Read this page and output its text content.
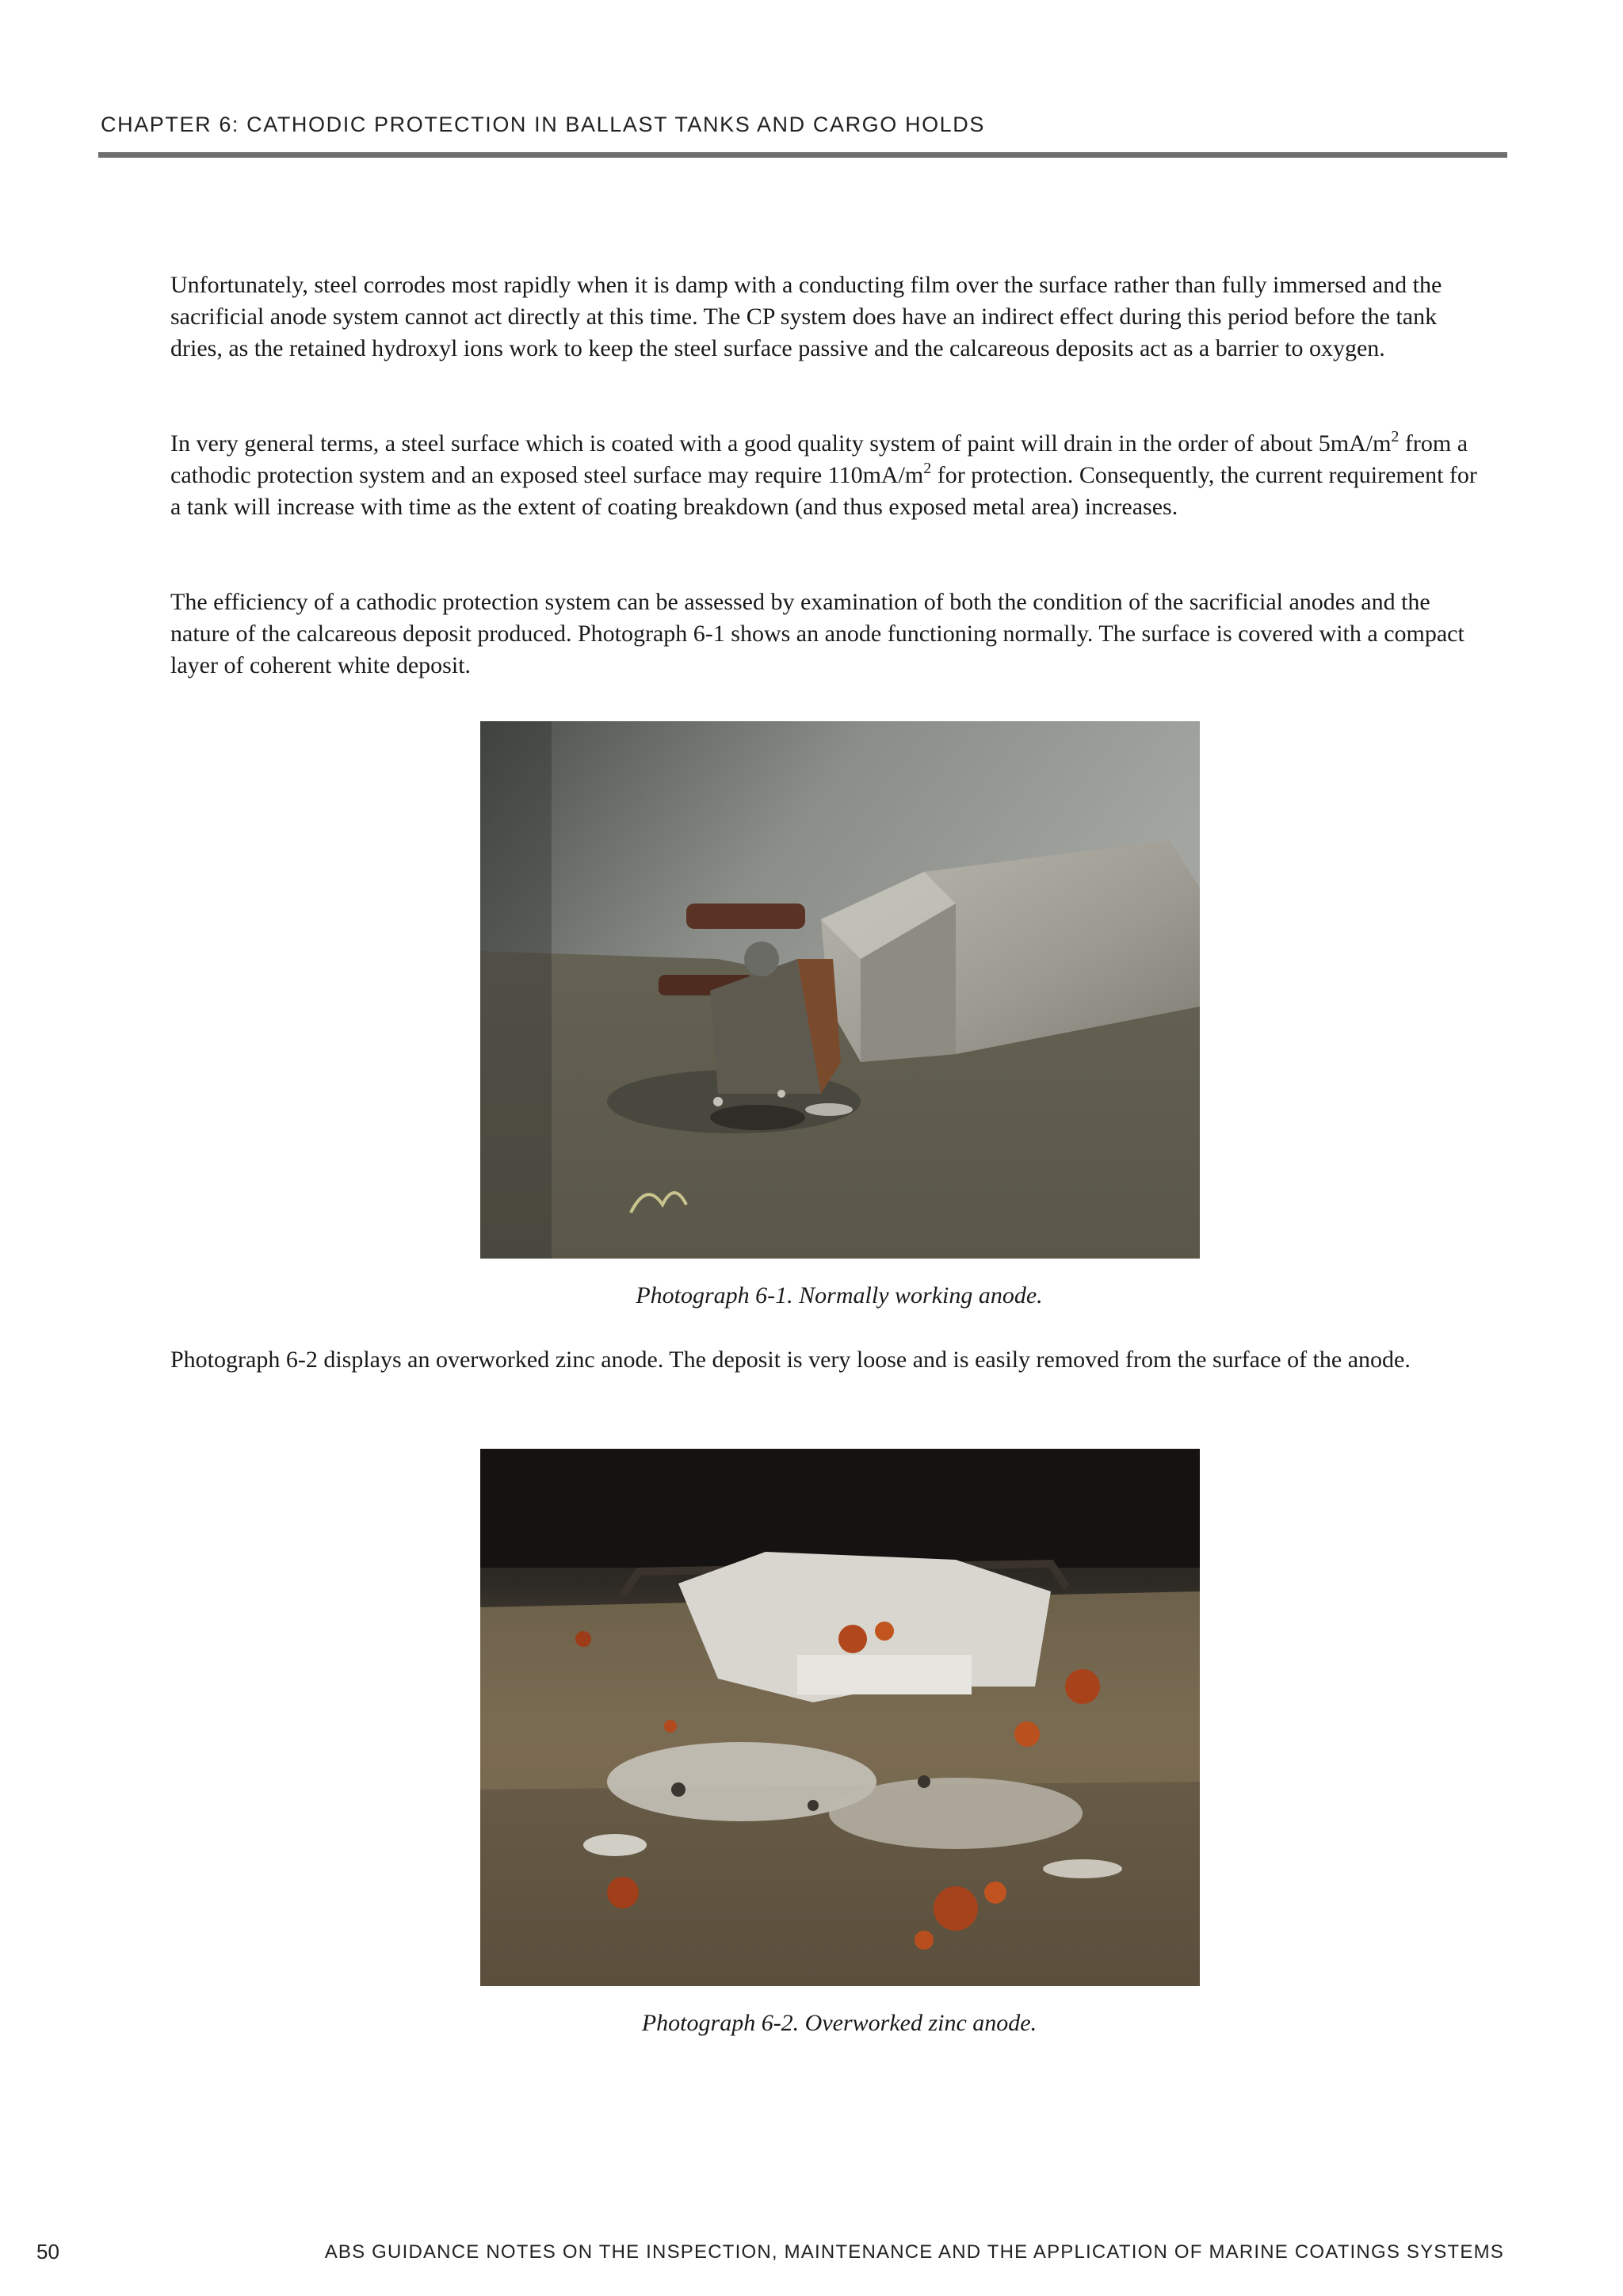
CHAPTER 6: CATHODIC PROTECTION IN BALLAST TANKS AND CARGO HOLDS

Unfortunately, steel corrodes most rapidly when it is damp with a conducting film over the surface rather than fully immersed and the sacrificial anode system cannot act directly at this time. The CP system does have an indirect effect during this period before the tank dries, as the retained hydroxyl ions work to keep the steel surface passive and the calcareous deposits act as a barrier to oxygen.

In very general terms, a steel surface which is coated with a good quality system of paint will drain in the order of about $5mA/m^2$ from a cathodic protection system and an exposed steel surface may require $110mA/m^2$ for protection. Consequently, the current requirement for a tank will increase with time as the extent of coating breakdown (and thus exposed metal area) increases.

The efficiency of a cathodic protection system can be assessed by examination of both the condition of the sacrificial anodes and the nature of the calcareous deposit produced. Photograph 6-1 shows an anode functioning normally. The surface is covered with a compact layer of coherent white deposit.

Photograph 6-1. Normally working anode.

Photograph 6-2 displays an overworked zinc anode. The deposit is very loose and is easily removed from the surface of the anode.

Photograph 6-2. Overworked zinc anode.
50	ABS GUIDANCE NOTES ON THE INSPECTION, MAINTENANCE AND THE APPLICATION OF MARINE COATINGS SYSTEMS
